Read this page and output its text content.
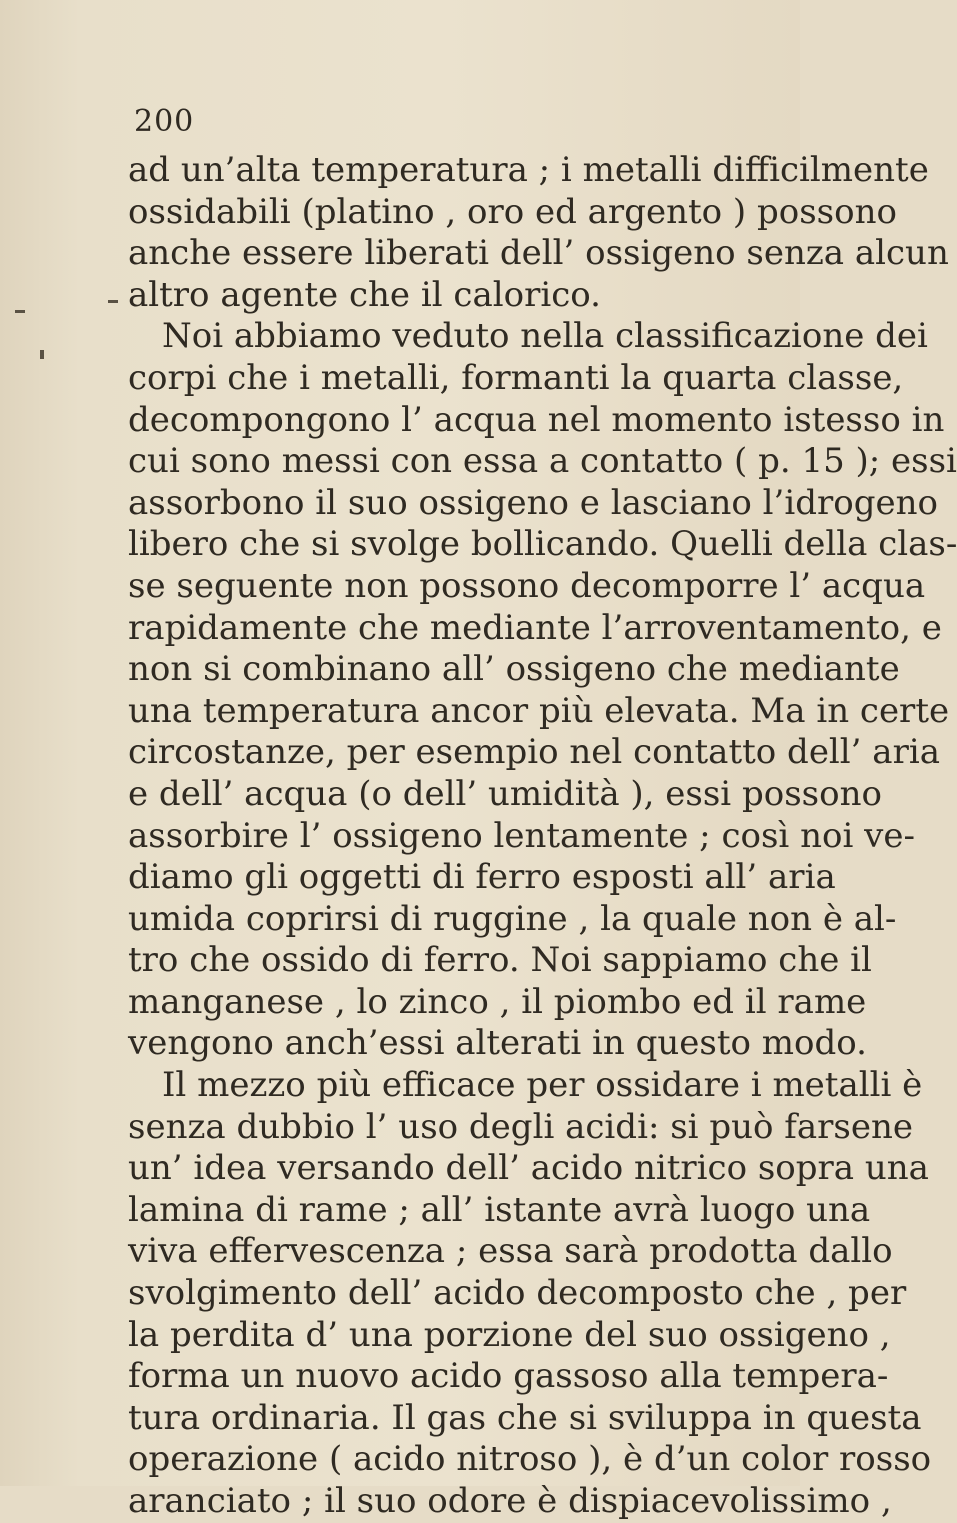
200
ad un’alta temperatura ; i metalli difficilmente
ossidabili (platino , oro ed argento ) possono
anche essere liberati dell’ ossigeno senza alcun
altro agente che il calorico.
Noi abbiamo veduto nella classificazione dei
corpi che i metalli, formanti la quarta classe,
decompongono l’ acqua nel momento istesso in
cui sono messi con essa a contatto ( p. 15 ); essi
assorbono il suo ossigeno e lasciano l’idrogeno
libero che si svolge bollicando. Quelli della clas-
se seguente non possono decomporre l’ acqua
rapidamente che mediante l’arroventamento, e
non si combinano all’ ossigeno che mediante
una temperatura ancor più elevata. Ma in certe
circostanze, per esempio nel contatto dell’ aria
e dell’ acqua (o dell’ umidità ), essi possono
assorbire l’ ossigeno lentamente ; così noi ve-
diamo gli oggetti di ferro esposti all’ aria
umida coprirsi di ruggine , la quale non è al-
tro che ossido di ferro. Noi sappiamo che il
manganese , lo zinco , il piombo ed il rame
vengono anch’essi alterati in questo modo.
Il mezzo più efficace per ossidare i metalli è
senza dubbio l’ uso degli acidi: si può farsene
un’ idea versando dell’ acido nitrico sopra una
lamina di rame ; all’ istante avrà luogo una
viva effervescenza ; essa sarà prodotta dallo
svolgimento dell’ acido decomposto che , per
la perdita d’ una porzione del suo ossigeno ,
forma un nuovo acido gassoso alla tempera-
tura ordinaria. Il gas che si sviluppa in questa
operazione ( acido nitroso ), è d’un color rosso
aranciato ; il suo odore è dispiacevolissimo ,
